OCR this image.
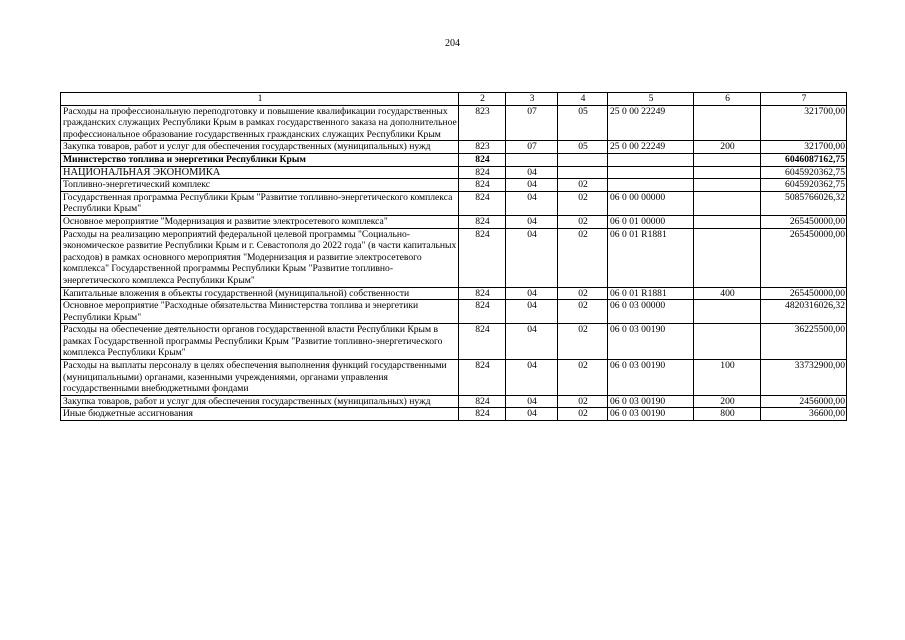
204
1	2	3	4	5	6	7
Расходы на профессиональную переподготовку и повышение квалификации государственных гражданских служащих Республики Крым в рамках государственного заказа на дополнительное профессиональное образование государственных гражданских служащих Республики Крым	823	07	05	25 0 00 22249		321700,00
Закупка товаров, работ и услуг для обеспечения государственных (муниципальных) нужд	823	07	05	25 0 00 22249	200	321700,00
Министерство топлива и энергетики Республики Крым	824					6046087162,75
НАЦИОНАЛЬНАЯ ЭКОНОМИКА	824	04				6045920362,75
Топливно-энергетический комплекс	824	04	02			6045920362,75
Государственная программа Республики Крым "Развитие топливно-энергетического комплекса Республики Крым"	824	04	02	06 0 00 00000		5085766026,32
Основное мероприятие "Модернизация и развитие электросетевого комплекса"	824	04	02	06 0 01 00000		265450000,00
Расходы на реализацию мероприятий федеральной целевой программы "Социально-экономическое развитие Республики Крым и г. Севастополя до 2022 года" (в части капитальных расходов) в рамках основного мероприятия "Модернизация и развитие электросетевого комплекса" Государственной программы Республики Крым "Развитие топливно-энергетического комплекса Республики Крым"	824	04	02	06 0 01 R1881		265450000,00
Капитальные вложения в объекты государственной (муниципальной) собственности	824	04	02	06 0 01 R1881	400	265450000,00
Основное мероприятие "Расходные обязательства Министерства топлива и энергетики Республики Крым"	824	04	02	06 0 03 00000		4820316026,32
Расходы на обеспечение деятельности органов государственной власти Республики Крым в рамках Государственной программы Республики Крым "Развитие топливно-энергетического комплекса Республики Крым"	824	04	02	06 0 03 00190		36225500,00
Расходы на выплаты персоналу в целях обеспечения выполнения функций государственными (муниципальными) органами, казенными учреждениями, органами управления государственными внебюджетными фондами	824	04	02	06 0 03 00190	100	33732900,00
Закупка товаров, работ и услуг для обеспечения государственных (муниципальных) нужд	824	04	02	06 0 03 00190	200	2456000,00
Иные бюджетные ассигнования	824	04	02	06 0 03 00190	800	36600,00
